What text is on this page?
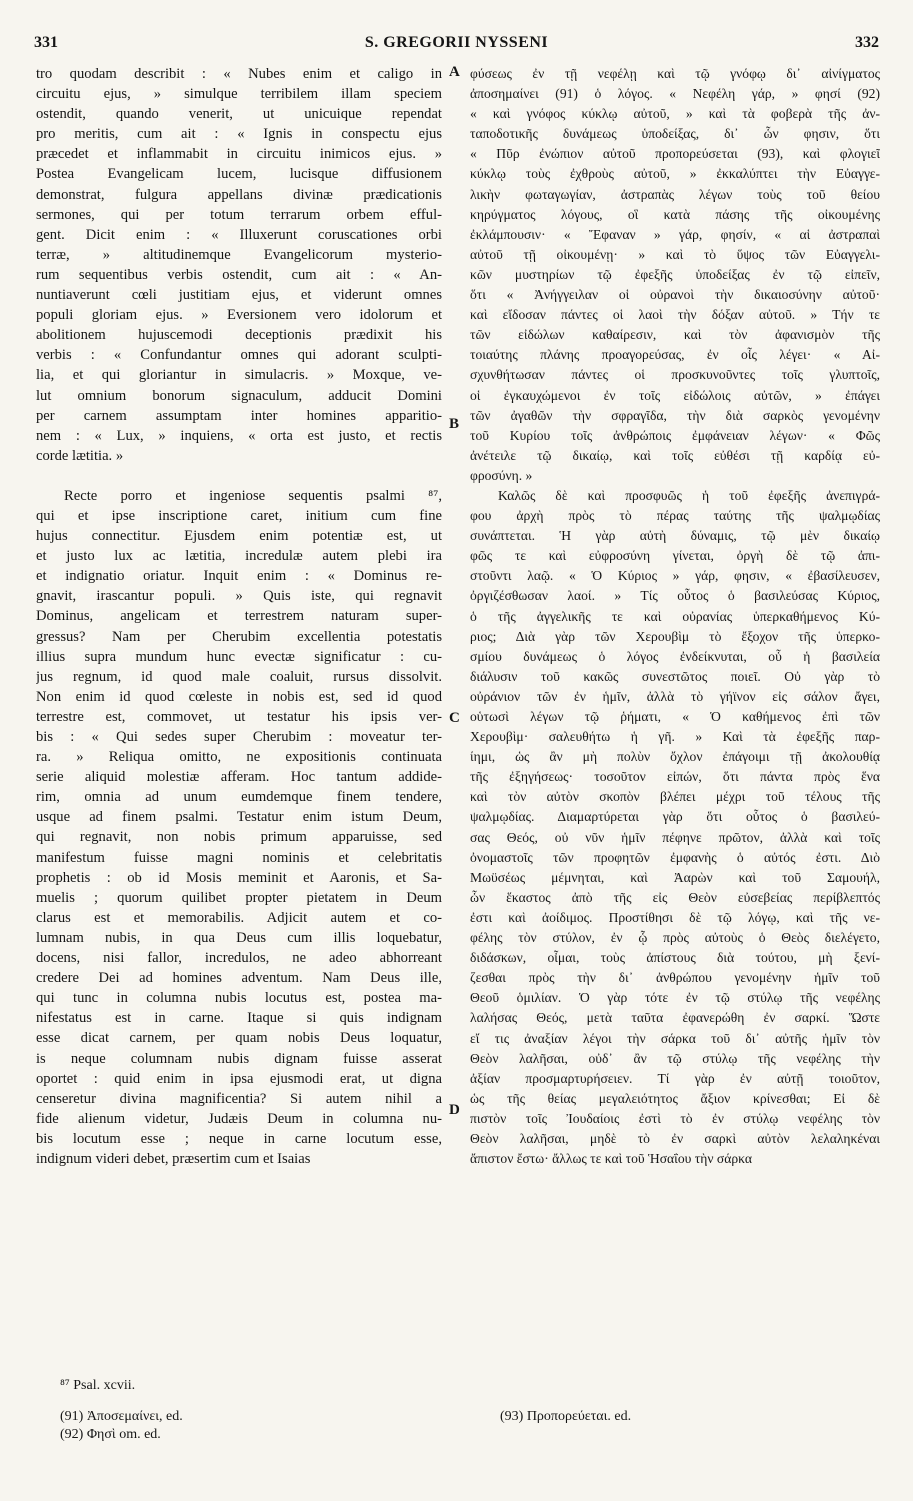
331	S. GREGORII NYSSENI	332
tro quodam describit : « Nubes enim et caligo in
circuitu ejus, » simulque terribilem illam speciem
ostendit, quando venerit, ut unicuique rependat
pro meritis, cum ait : « Ignis in conspectu ejus
præcedet et inflammabit in circuitu inimicos ejus. »
Postea Evangelicam lucem, lucisque diffusionem
demonstrat, fulgura appellans divinæ prædicationis
sermones, qui per totum terrarum orbem efful-
gent. Dicit enim : « Illuxerunt coruscationes orbi
terræ, » altitudinemque Evangelicorum mysterio-
rum sequentibus verbis ostendit, cum ait : « An-
nuntiaverunt cœli justitiam ejus, et viderunt omnes
populi gloriam ejus. » Eversionem vero idolorum et
abolitionem hujuscemodi deceptionis prædixit his
verbis : « Confundantur omnes qui adorant sculpti-
lia, et qui gloriantur in simulacris. » Moxque, ve-
lut omnium bonorum signaculum, adducit Domini
per carnem assumptam inter homines apparitio-
nem : « Lux, » inquiens, « orta est justo, et rectis
corde lætitia. »
Recte porro et ingeniose sequentis psalmi ⁸⁷,
qui et ipse inscriptione caret, initium cum fine
hujus connectitur. Ejusdem enim potentiæ est, ut
et justo lux ac lætitia, incredulæ autem plebi ira
et indignatio oriatur. Inquit enim : « Dominus re-
gnavit, irascantur populi. » Quis iste, qui regnavit
Dominus, angelicam et terrestrem naturam super-
gressus? Nam per Cherubim excellentia potestatis
illius supra mundum hunc evectæ significatur : cu-
jus regnum, id quod male coaluit, rursus dissolvit.
Non enim id quod cœleste in nobis est, sed id quod
terrestre est, commovet, ut testatur his ipsis ver-
bis : « Qui sedes super Cherubim : moveatur ter-
ra. » Reliqua omitto, ne expositionis continuata
serie aliquid molestiæ afferam. Hoc tantum addide-
rim, omnia ad unum eumdemque finem tendere,
usque ad finem psalmi. Testatur enim istum Deum,
qui regnavit, non nobis primum apparuisse, sed
manifestum fuisse magni nominis et celebritatis
prophetis : ob id Mosis meminit et Aaronis, et Sa-
muelis ; quorum quilibet propter pietatem in Deum
clarus est et memorabilis. Adjicit autem et co-
lumnam nubis, in qua Deus cum illis loquebatur,
docens, nisi fallor, incredulos, ne adeo abhorreant
credere Dei ad homines adventum. Nam Deus ille,
qui tunc in columna nubis locutus est, postea ma-
nifestatus est in carne. Itaque si quis indignam
esse dicat carnem, per quam nobis Deus loquatur,
is neque columnam nubis dignam fuisse asserat
oportet : quid enim in ipsa ejusmodi erat, ut digna
censeretur divina magnificentia? Si autem nihil a
fide alienum videtur, Judæis Deum in columna nu-
bis locutum esse ; neque in carne locutum esse,
indignum videri debet, præsertim cum et Isaias
φύσεως ἐν τῇ νεφέλῃ καὶ τῷ γνόφῳ δι᾽ αἰνίγματος
ἀποσημαίνει (91) ὁ λόγος. « Νεφέλη γάρ, » φησί (92)
« καὶ γνόφος κύκλῳ αὐτοῦ, » καὶ τὰ φοβερὰ τῆς ἀν-
ταποδοτικῆς δυνάμεως ὑποδείξας, δι᾽ ὧν φησιν, ὅτι
« Πῦρ ἐνώπιον αὐτοῦ προπορεύσεται (93), καὶ φλογιεῖ
κύκλῳ τοὺς ἐχθροὺς αὐτοῦ, » ἐκκαλύπτει τὴν Εὐαγγε-
λικὴν φωταγωγίαν, ἀστραπὰς λέγων τοὺς τοῦ θείου
κηρύγματος λόγους, οἳ κατὰ πάσης τῆς οἰκουμένης
ἐκλάμπουσιν· « Ἔφαναν » γάρ, φησίν, « αἱ ἀστραπαὶ
αὐτοῦ τῇ οἰκουμένῃ· » καὶ τὸ ὕψος τῶν Εὐαγγελι-
κῶν μυστηρίων τῷ ἐφεξῆς ὑποδείξας ἐν τῷ εἰπεῖν,
ὅτι « Ἀνήγγειλαν οἱ οὐρανοὶ τὴν δικαιοσύνην αὐτοῦ·
καὶ εἴδοσαν πάντες οἱ λαοὶ τὴν δόξαν αὐτοῦ. » Τήν τε
τῶν εἰδώλων καθαίρεσιν, καὶ τὸν ἀφανισμὸν τῆς
τοιαύτης πλάνης προαγορεύσας, ἐν οἷς λέγει· « Αἰ-
σχυνθήτωσαν πάντες οἱ προσκυνοῦντες τοῖς γλυπτοῖς,
οἱ ἐγκαυχώμενοι ἐν τοῖς εἰδώλοις αὐτῶν, » ἐπάγει
τῶν ἀγαθῶν τὴν σφραγῖδα, τὴν διὰ σαρκὸς γενομένην
τοῦ Κυρίου τοῖς ἀνθρώποις ἐμφάνειαν λέγων· « Φῶς
ἀνέτειλε τῷ δικαίῳ, καὶ τοῖς εὐθέσι τῇ καρδίᾳ εὐ-
φροσύνη. »
Καλῶς δὲ καὶ προσφυῶς ἡ τοῦ ἐφεξῆς ἀνεπιγρά-
φου ἀρχὴ πρὸς τὸ πέρας ταύτης τῆς ψαλμῳδίας
συνάπτεται. Ἡ γὰρ αὐτὴ δύναμις, τῷ μὲν δικαίῳ
φῶς τε καὶ εὐφροσύνη γίνεται, ὀργὴ δὲ τῷ ἀπι-
στοῦντι λαῷ. « Ὁ Κύριος » γάρ, φησιν, « ἐβασίλευσεν,
ὀργιζέσθωσαν λαοί. » Τίς οὗτος ὁ βασιλεύσας Κύριος,
ὁ τῆς ἀγγελικῆς τε καὶ οὐρανίας ὑπερκαθήμενος Κύ-
ριος; Διὰ γὰρ τῶν Χερουβὶμ τὸ ἔξοχον τῆς ὑπερκο-
σμίου δυνάμεως ὁ λόγος ἐνδείκνυται, οὗ ἡ βασιλεία
διάλυσιν τοῦ κακῶς συνεστῶτος ποιεῖ. Οὐ γὰρ τὸ
οὐράνιον τῶν ἐν ἡμῖν, ἀλλὰ τὸ γήϊνον εἰς σάλον ἄγει,
οὑτωσὶ λέγων τῷ ῥήματι, « Ὁ καθήμενος ἐπὶ τῶν
Χερουβὶμ· σαλευθήτω ἡ γῆ. » Καὶ τὰ ἐφεξῆς παρ-
ίημι, ὡς ἂν μὴ πολὺν ὄχλον ἐπάγοιμι τῇ ἀκολουθίᾳ
τῆς ἐξηγήσεως· τοσοῦτον εἰπών, ὅτι πάντα πρὸς ἕνα
καὶ τὸν αὐτὸν σκοπὸν βλέπει μέχρι τοῦ τέλους τῆς
ψαλμῳδίας. Διαμαρτύρεται γὰρ ὅτι οὗτος ὁ βασιλεύ-
σας Θεός, οὐ νῦν ἡμῖν πέφηνε πρῶτον, ἀλλὰ καὶ τοῖς
ὀνομαστοῖς τῶν προφητῶν ἐμφανὴς ὁ αὐτός ἐστι. Διὸ
Μωϋσέως μέμνηται, καὶ Ἀαρὼν καὶ τοῦ Σαμουήλ,
ὧν ἕκαστος ἀπὸ τῆς εἰς Θεὸν εὐσεβείας περίβλεπτός
ἐστι καὶ ἀοίδιμος. Προστίθησι δὲ τῷ λόγῳ, καὶ τῆς νε-
φέλης τὸν στύλον, ἐν ᾧ πρὸς αὐτοὺς ὁ Θεὸς διελέγετο,
διδάσκων, οἶμαι, τοὺς ἀπίστους διὰ τούτου, μὴ ξενί-
ζεσθαι πρὸς τὴν δι᾽ ἀνθρώπου γενομένην ἡμῖν τοῦ
Θεοῦ ὁμιλίαν. Ὁ γὰρ τότε ἐν τῷ στύλῳ τῆς νεφέλης
λαλήσας Θεός, μετὰ ταῦτα ἐφανερώθη ἐν σαρκί. Ὥστε
εἴ τις ἀναξίαν λέγοι τὴν σάρκα τοῦ δι᾽ αὐτῆς ἡμῖν τὸν
Θεὸν λαλῆσαι, οὐδ᾽ ἂν τῷ στύλῳ τῆς νεφέλης τὴν
ἀξίαν προσμαρτυρήσειεν. Τί γὰρ ἐν αὐτῇ τοιοῦτον,
ὡς τῆς θείας μεγαλειότητος ἄξιον κρίνεσθαι; Εἰ δὲ
πιστὸν τοῖς Ἰουδαίοις ἐστὶ τὸ ἐν στύλῳ νεφέλης τὸν
Θεὸν λαλῆσαι, μηδὲ τὸ ἐν σαρκὶ αὐτὸν λελαληκέναι
ἄπιστον ἔστω· ἄλλως τε καὶ τοῦ Ἡσαΐου τὴν σάρκα
A
B
C
D
⁸⁷ Psal. xcvii.
(91) Ἀποσεμαίνει, ed.
(92) Φησὶ om. ed.
(93) Προπορεύεται. ed.
